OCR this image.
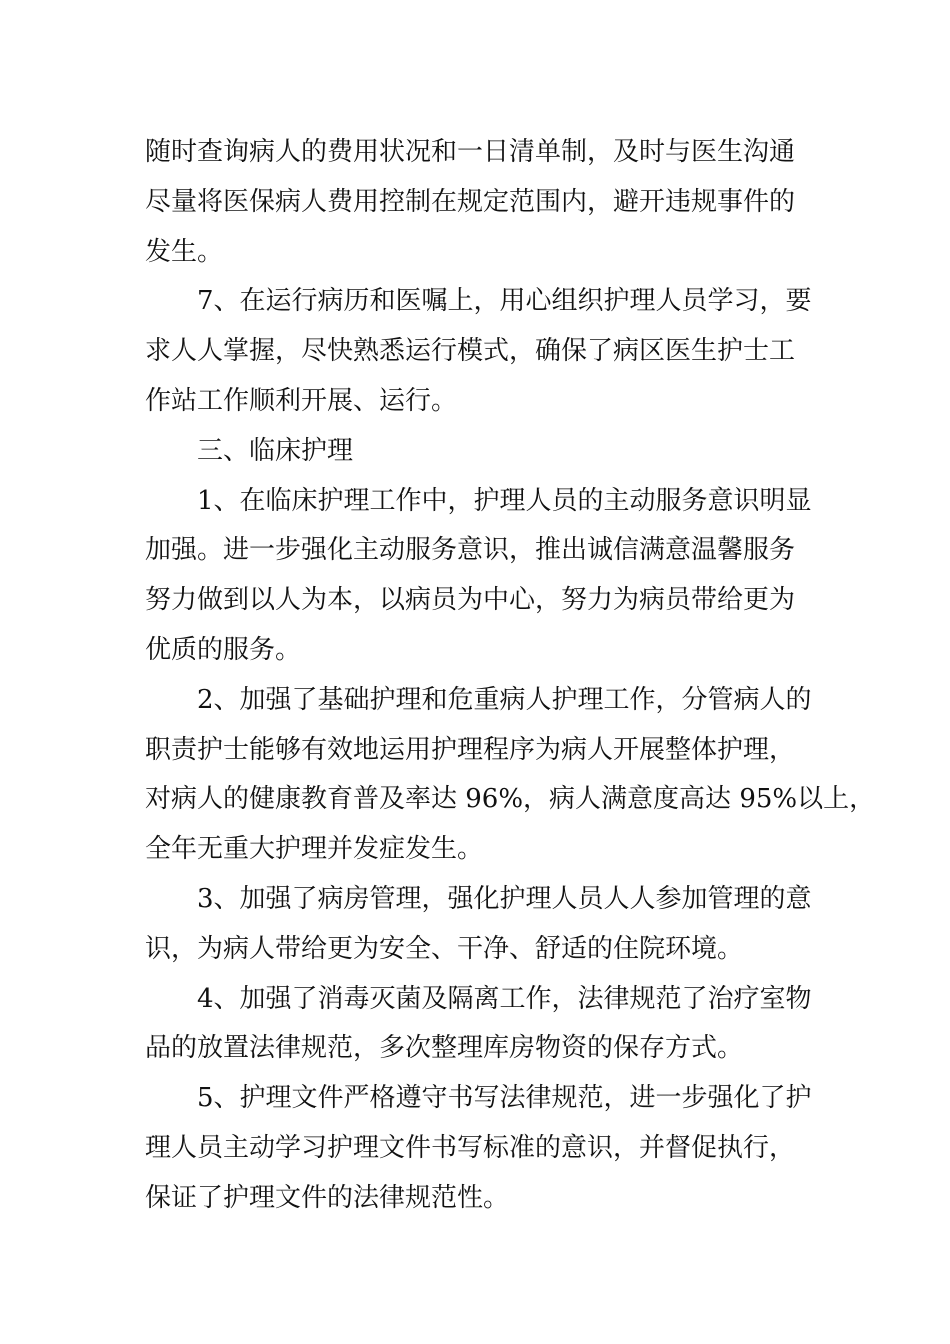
随时查询病人的费用状况和一日清单制，及时与医生沟通
尽量将医保病人费用控制在规定范围内，避开违规事件的
发生。
7、在运行病历和医嘱上，用心组织护理人员学习，要
求人人掌握，尽快熟悉运行模式，确保了病区医生护士工
作站工作顺利开展、运行。
三、临床护理
1、在临床护理工作中，护理人员的主动服务意识明显
加强。进一步强化主动服务意识，推出诚信满意温馨服务
努力做到以人为本，以病员为中心，努力为病员带给更为
优质的服务。
2、加强了基础护理和危重病人护理工作，分管病人的
职责护士能够有效地运用护理程序为病人开展整体护理，
对病人的健康教育普及率达 96%，病人满意度高达 95%以上，
全年无重大护理并发症发生。
3、加强了病房管理，强化护理人员人人参加管理的意
识，为病人带给更为安全、干净、舒适的住院环境。
4、加强了消毒灭菌及隔离工作，法律规范了治疗室物
品的放置法律规范，多次整理库房物资的保存方式。
5、护理文件严格遵守书写法律规范，进一步强化了护
理人员主动学习护理文件书写标准的意识，并督促执行，
保证了护理文件的法律规范性。
